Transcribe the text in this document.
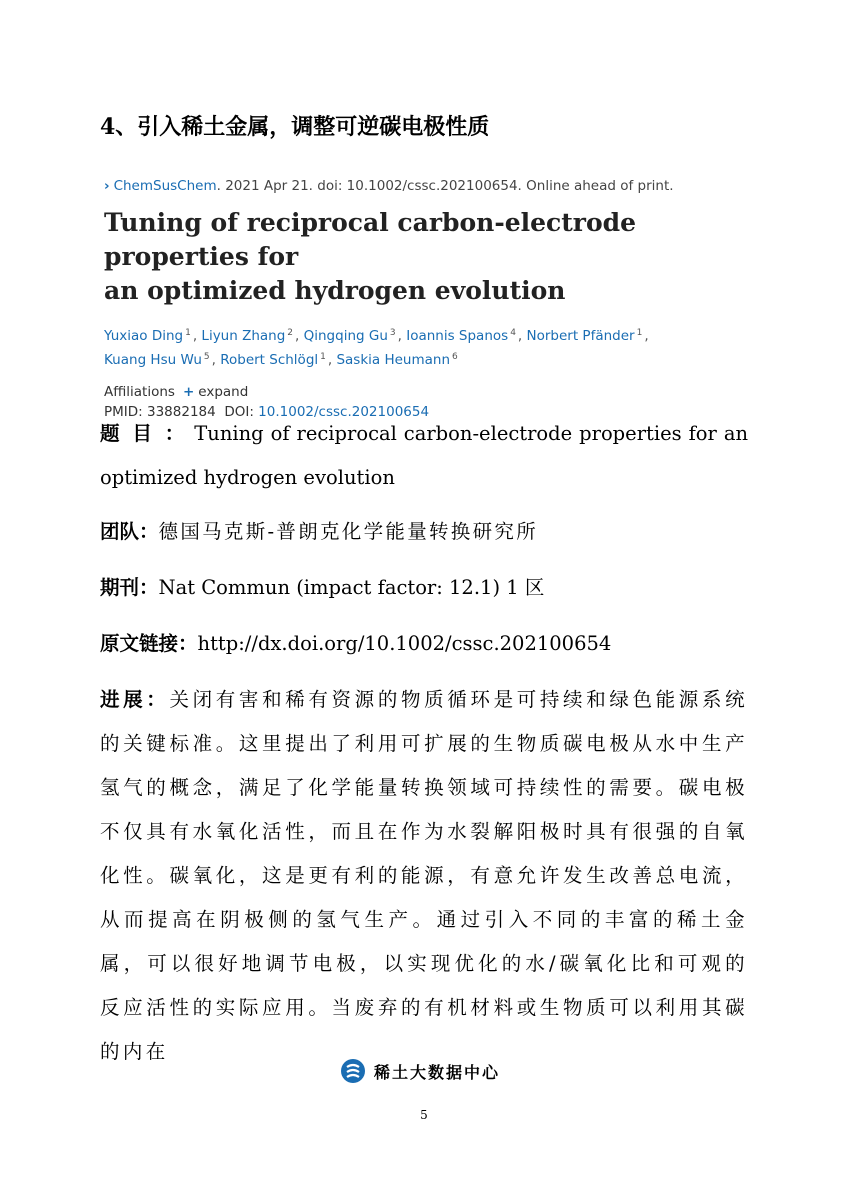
4、引入稀土金属，调整可逆碳电极性质
› ChemSusChem. 2021 Apr 21. doi: 10.1002/cssc.202100654. Online ahead of print.
Tuning of reciprocal carbon-electrode properties for
an optimized hydrogen evolution
Yuxiao Ding $^1$ , Liyun Zhang $^2$ , Qingqing Gu $^3$ , Ioannis Spanos $^4$ , Norbert Pfänder $^1$ ,
Kuang Hsu Wu $^5$ , Robert Schlögl $^1$ , Saskia Heumann $^6$
Affiliations + expand
PMID: 33882184 DOI: 10.1002/cssc.202100654
题 目 ： Tuning of reciprocal carbon-electrode properties for an
optimized hydrogen evolution
团队：德国马克斯-普朗克化学能量转换研究所
期刊：Nat Commun (impact factor: 12.1) 1 区
原文链接：http://dx.doi.org/10.1002/cssc.202100654
进展：关闭有害和稀有资源的物质循环是可持续和绿色能源系统的关键标准。这里提出了利用可扩展的生物质碳电极从水中生产氢气的概念，满足了化学能量转换领域可持续性的需要。碳电极不仅具有水氧化活性，而且在作为水裂解阳极时具有很强的自氧化性。碳氧化，这是更有利的能源，有意允许发生改善总电流，从而提高在阴极侧的氢气生产。通过引入不同的丰富的稀土金属，可以很好地调节电极，以实现优化的水/碳氧化比和可观的反应活性的实际应用。当废弃的有机材料或生物质可以利用其碳的内在
稀土大数据中心
5
